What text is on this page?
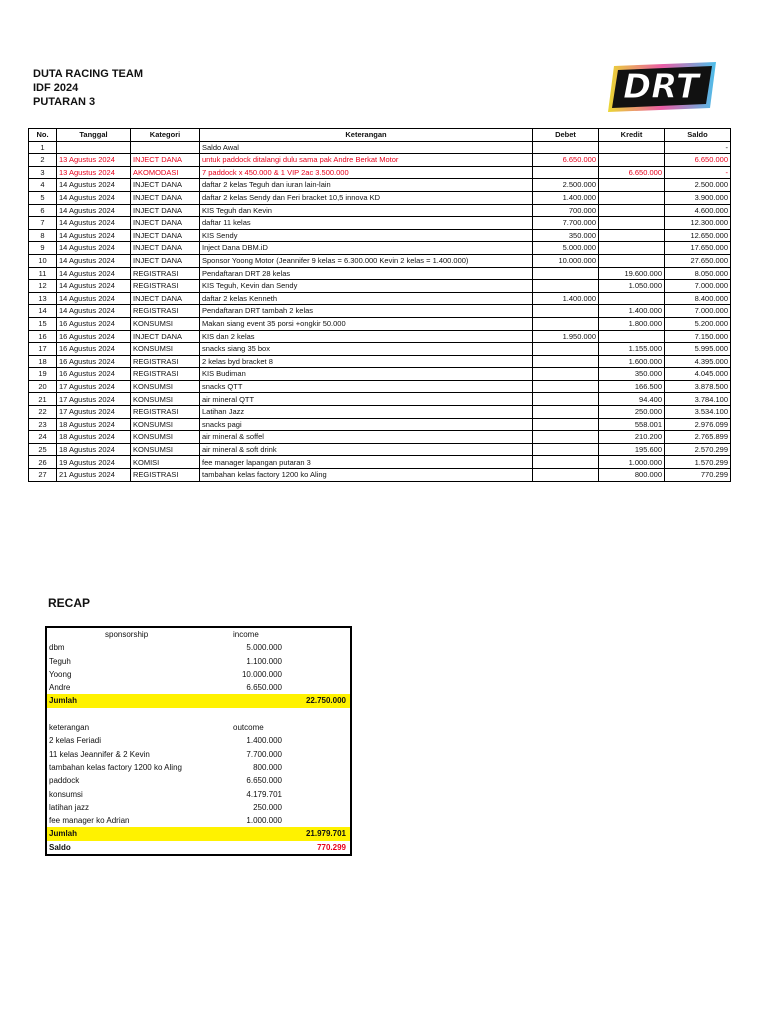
DUTA RACING TEAM
IDF 2024
PUTARAN 3	DRT
No.	Tanggal	Kategori	Keterangan	Debet	Kredit	Saldo
1			Saldo Awal			-
2	13 Agustus 2024	INJECT DANA	untuk paddock ditalangi dulu sama pak Andre Berkat Motor	6.650.000		6.650.000
3	13 Agustus 2024	AKOMODASI	7 paddock x 450.000 & 1 VIP 2ac 3.500.000		6.650.000	-
4	14 Agustus 2024	INJECT DANA	daftar 2 kelas Teguh dan iuran lain-lain	2.500.000		2.500.000
5	14 Agustus 2024	INJECT DANA	daftar 2 kelas Sendy dan Feri bracket 10,5 innova KD	1.400.000		3.900.000
6	14 Agustus 2024	INJECT DANA	KIS Teguh dan Kevin	700.000		4.600.000
7	14 Agustus 2024	INJECT DANA	daftar 11 kelas	7.700.000		12.300.000
8	14 Agustus 2024	INJECT DANA	KIS Sendy	350.000		12.650.000
9	14 Agustus 2024	INJECT DANA	Inject Dana DBM.iD	5.000.000		17.650.000
10	14 Agustus 2024	INJECT DANA	Sponsor Yoong Motor (Jeannifer 9 kelas = 6.300.000 Kevin 2 kelas = 1.400.000)	10.000.000		27.650.000
11	14 Agustus 2024	REGISTRASI	Pendaftaran DRT 28 kelas		19.600.000	8.050.000
12	14 Agustus 2024	REGISTRASI	KIS Teguh, Kevin dan Sendy		1.050.000	7.000.000
13	14 Agustus 2024	INJECT DANA	daftar 2 kelas Kenneth	1.400.000		8.400.000
14	14 Agustus 2024	REGISTRASI	Pendaftaran DRT tambah 2 kelas		1.400.000	7.000.000
15	16 Agustus 2024	KONSUMSI	Makan siang event 35 porsi +ongkir 50.000		1.800.000	5.200.000
16	16 Agustus 2024	INJECT DANA	KIS dan 2 kelas	1.950.000		7.150.000
17	16 Agustus 2024	KONSUMSI	snacks siang 35 box		1.155.000	5.995.000
18	16 Agustus 2024	REGISTRASI	2 kelas byd bracket 8		1.600.000	4.395.000
19	16 Agustus 2024	REGISTRASI	KIS Budiman		350.000	4.045.000
20	17 Agustus 2024	KONSUMSI	snacks QTT		166.500	3.878.500
21	17 Agustus 2024	KONSUMSI	air mineral QTT		94.400	3.784.100
22	17 Agustus 2024	REGISTRASI	Latihan Jazz		250.000	3.534.100
23	18 Agustus 2024	KONSUMSI	snacks pagi		558.001	2.976.099
24	18 Agustus 2024	KONSUMSI	air mineral & soffel		210.200	2.765.899
25	18 Agustus 2024	KONSUMSI	air mineral & soft drink		195.600	2.570.299
26	19 Agustus 2024	KOMISI	fee manager lapangan putaran 3		1.000.000	1.570.299
27	21 Agustus 2024	REGISTRASI	tambahan kelas factory 1200 ko Aling		800.000	770.299
RECAP
sponsorship	income
dbm	5.000.000
Teguh	1.100.000
Yoong	10.000.000
Andre	6.650.000
Jumlah	22.750.000
keterangan	outcome
2 kelas Feriadi	1.400.000
11 kelas Jeannifer & 2 Kevin	7.700.000
tambahan kelas factory 1200 ko Aling	800.000
paddock	6.650.000
konsumsi	4.179.701
latihan jazz	250.000
fee manager ko Adrian	1.000.000
Jumlah	21.979.701
Saldo	770.299
